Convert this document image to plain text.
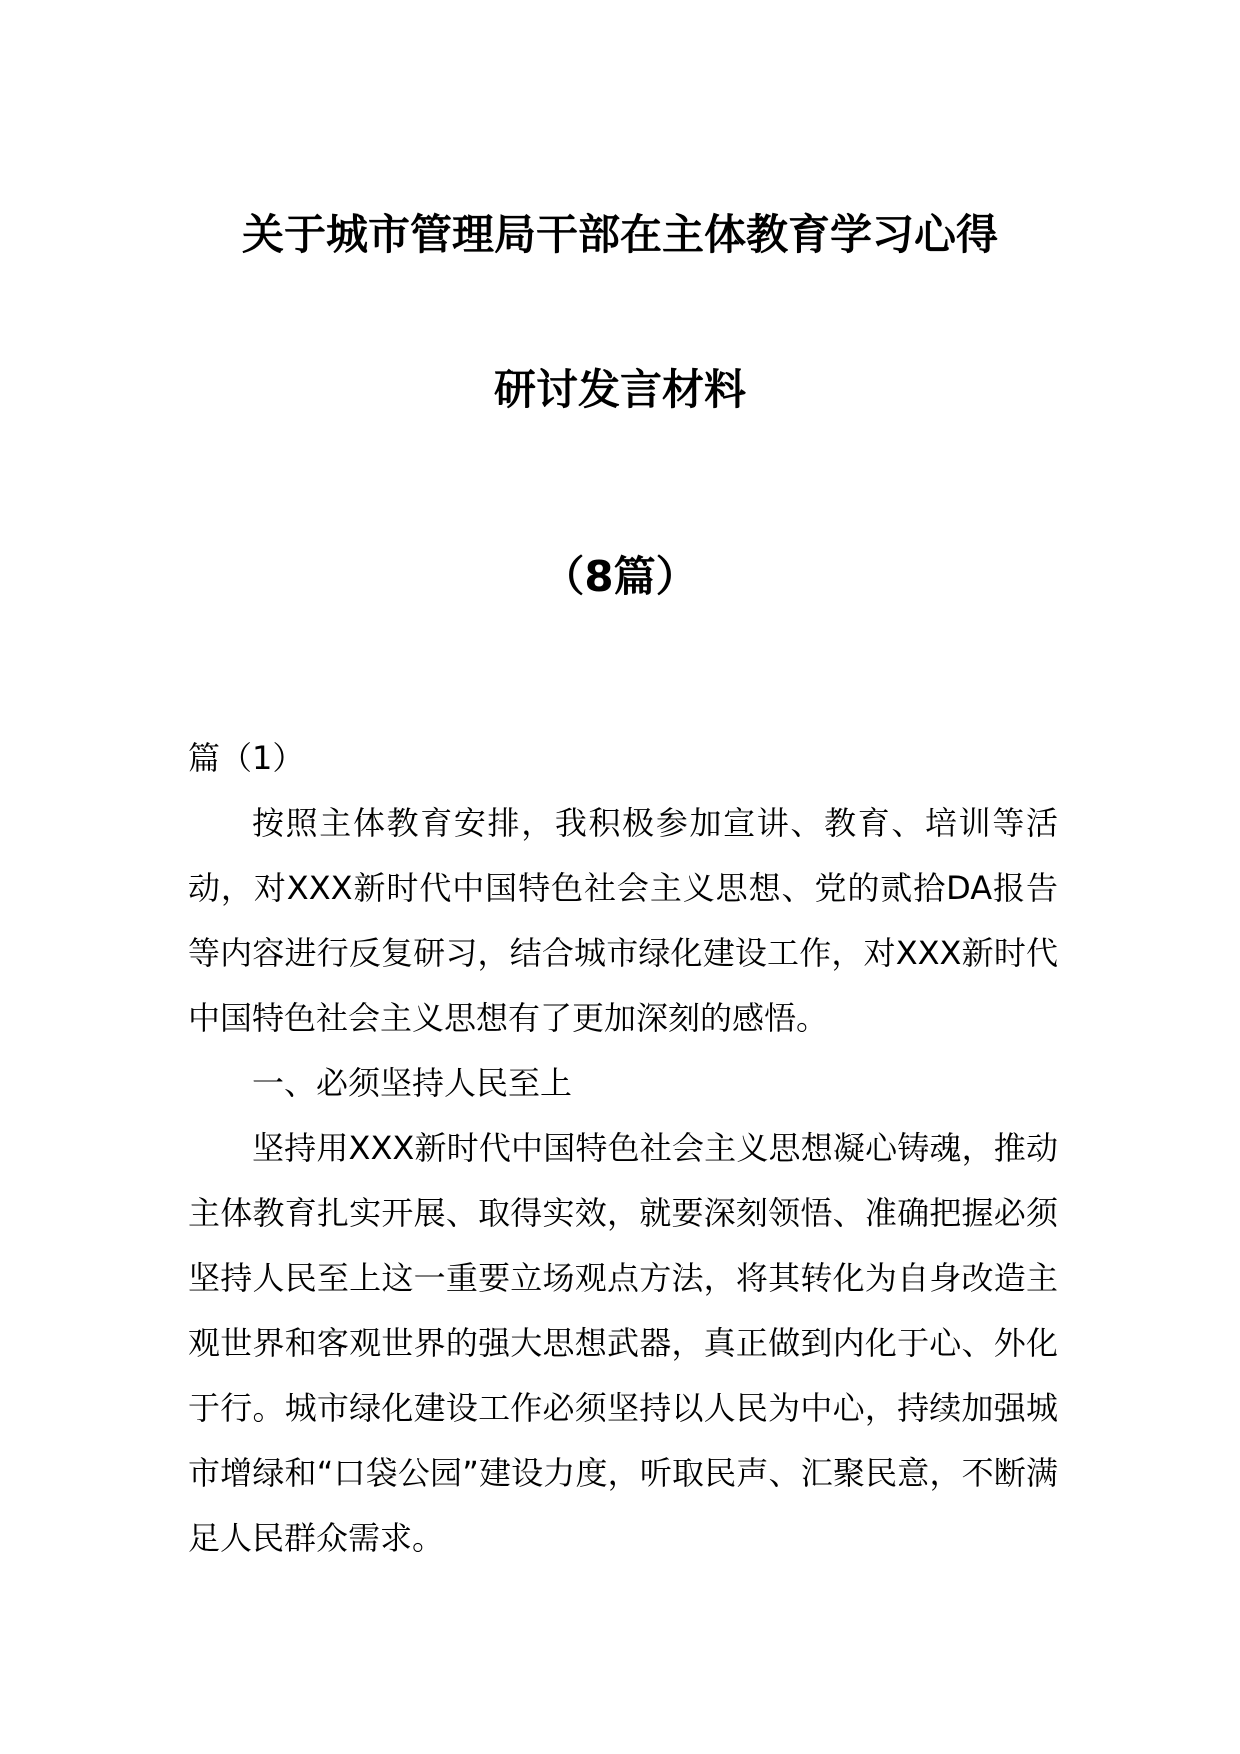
关于城市管理局干部在主体教育学习心得
研讨发言材料
（8篇）
篇（1）

按照主体教育安排，我积极参加宣讲、教育、培训等活动，对XXX新时代中国特色社会主义思想、党的贰拾DA报告等内容进行反复研习，结合城市绿化建设工作，对XXX新时代中国特色社会主义思想有了更加深刻的感悟。

一、必须坚持人民至上

坚持用XXX新时代中国特色社会主义思想凝心铸魂，推动主体教育扎实开展、取得实效，就要深刻领悟、准确把握必须坚持人民至上这一重要立场观点方法，将其转化为自身改造主观世界和客观世界的强大思想武器，真正做到内化于心、外化于行。城市绿化建设工作必须坚持以人民为中心，持续加强城市增绿和“口袋公园”建设力度，听取民声、汇聚民意，不断满足人民群众需求。
